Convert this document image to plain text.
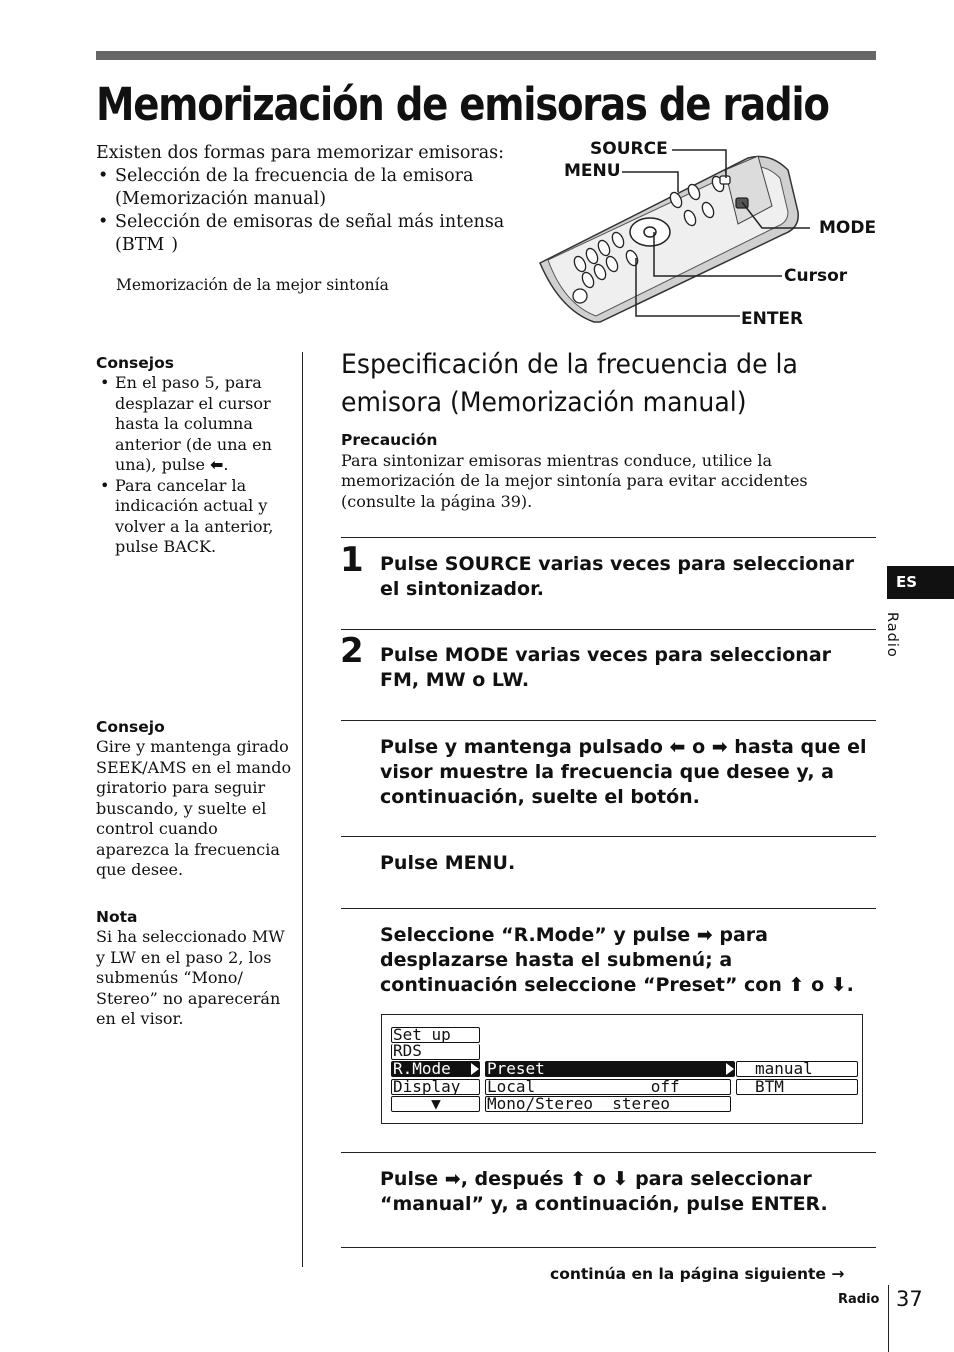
Memorización de emisoras de radio
Existen dos formas para memorizar emisoras:
• Selección de la frecuencia de la emisora (Memorización manual)
• Selección de emisoras de señal más intensa (BTM  )
Memorización de la mejor sintonía
SOURCE
MENU
MODE
Cursor
ENTER
Consejos
• En el paso 5, para desplazar el cursor hasta la columna anterior (de una en una), pulse ⬅.
• Para cancelar la indicación actual y volver a la anterior, pulse BACK.
Consejo
Gire y mantenga girado SEEK/AMS en el mando giratorio para seguir buscando, y suelte el control cuando aparezca la frecuencia que desee.
Nota
Si ha seleccionado MW y LW en el paso 2, los submenús “Mono/ Stereo” no aparecerán en el visor.
Especificación de la frecuencia de la emisora (Memorización manual)
Precaución
Para sintonizar emisoras mientras conduce, utilice la memorización de la mejor sintonía para evitar accidentes (consulte la página 39).
1 Pulse SOURCE varias veces para seleccionar el sintonizador.
2 Pulse MODE varias veces para seleccionar FM, MW o LW.
Pulse y mantenga pulsado ⬅ o ➡ hasta que el visor muestre la frecuencia que desee y, a continuación, suelte el botón.
Pulse MENU.
Seleccione “R.Mode” y pulse ➡ para desplazarse hasta el submenú; a continuación seleccione “Preset” con ⬆ o ⬇.
Set up
RDS
R.Mode
Display
▼
Preset
Local            off
Mono/Stereo  stereo
manual
BTM
Pulse ➡, después ⬆ o ⬇ para seleccionar “manual” y, a continuación, pulse ENTER.
continúa en la página siguiente →
Radio 37
ES
Radio
